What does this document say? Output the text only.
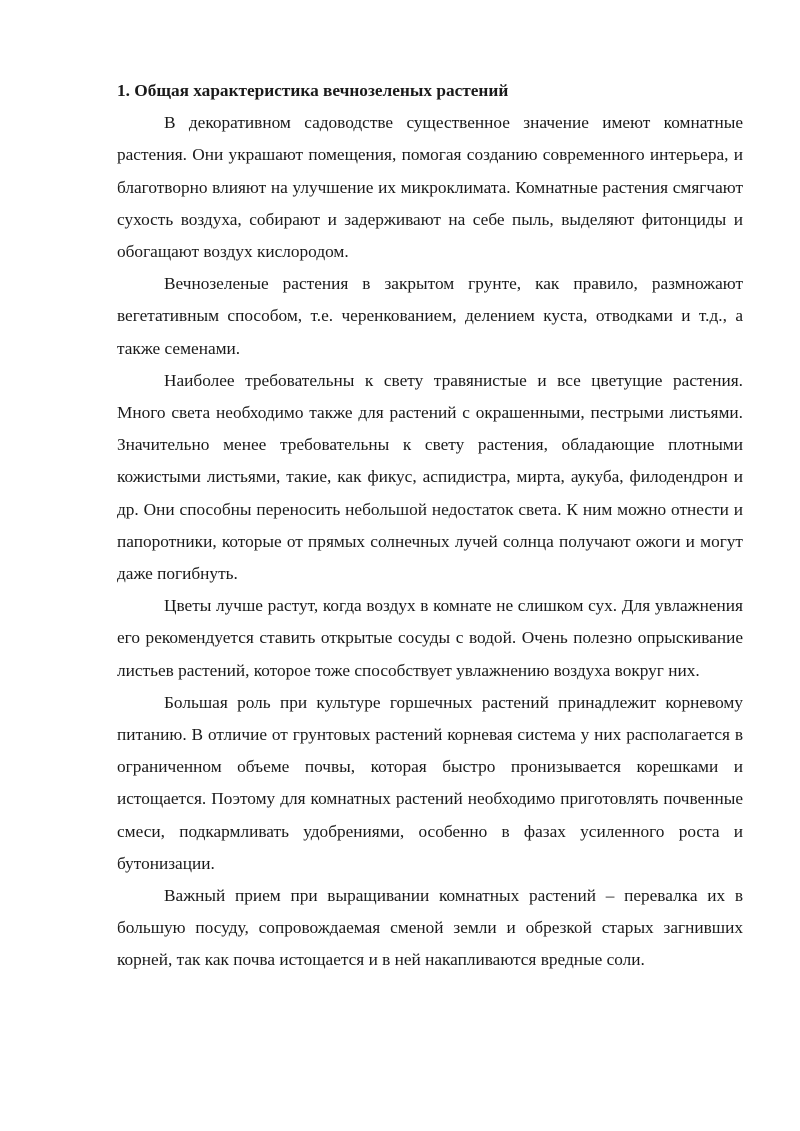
1. Общая характеристика вечнозеленых растений

В декоративном садоводстве существенное значение имеют комнатные растения. Они украшают помещения, помогая созданию современного интерьера, и благотворно влияют на улучшение их микроклимата. Комнатные растения смягчают сухость воздуха, собирают и задерживают на себе пыль, выделяют фитонциды и обогащают воздух кислородом.

Вечнозеленые растения в закрытом грунте, как правило, размножают вегетативным способом, т.е. черенкованием, делением куста, отводками и т.д., а также семенами.

Наиболее требовательны к свету травянистые и все цветущие растения. Много света необходимо также для растений с окрашенными, пестрыми листьями. Значительно менее требовательны к свету растения, обладающие плотными кожистыми листьями, такие, как фикус, аспидистра, мирта, аукуба, филодендрон и др. Они способны переносить небольшой недостаток света. К ним можно отнести и папоротники, которые от прямых солнечных лучей солнца получают ожоги и могут даже погибнуть.

Цветы лучше растут, когда воздух в комнате не слишком сух. Для увлажнения его рекомендуется ставить открытые сосуды с водой. Очень полезно опрыскивание листьев растений, которое тоже способствует увлажнению воздуха вокруг них.

Большая роль при культуре горшечных растений принадлежит корневому питанию. В отличие от грунтовых растений корневая система у них располагается в ограниченном объеме почвы, которая быстро пронизывается корешками и истощается. Поэтому для комнатных растений необходимо приготовлять почвенные смеси, подкармливать удобрениями, особенно в фазах усиленного роста и бутонизации.

Важный прием при выращивании комнатных растений – перевалка их в большую посуду, сопровождаемая сменой земли и обрезкой старых загнивших корней, так как почва истощается и в ней накапливаются вредные соли.
